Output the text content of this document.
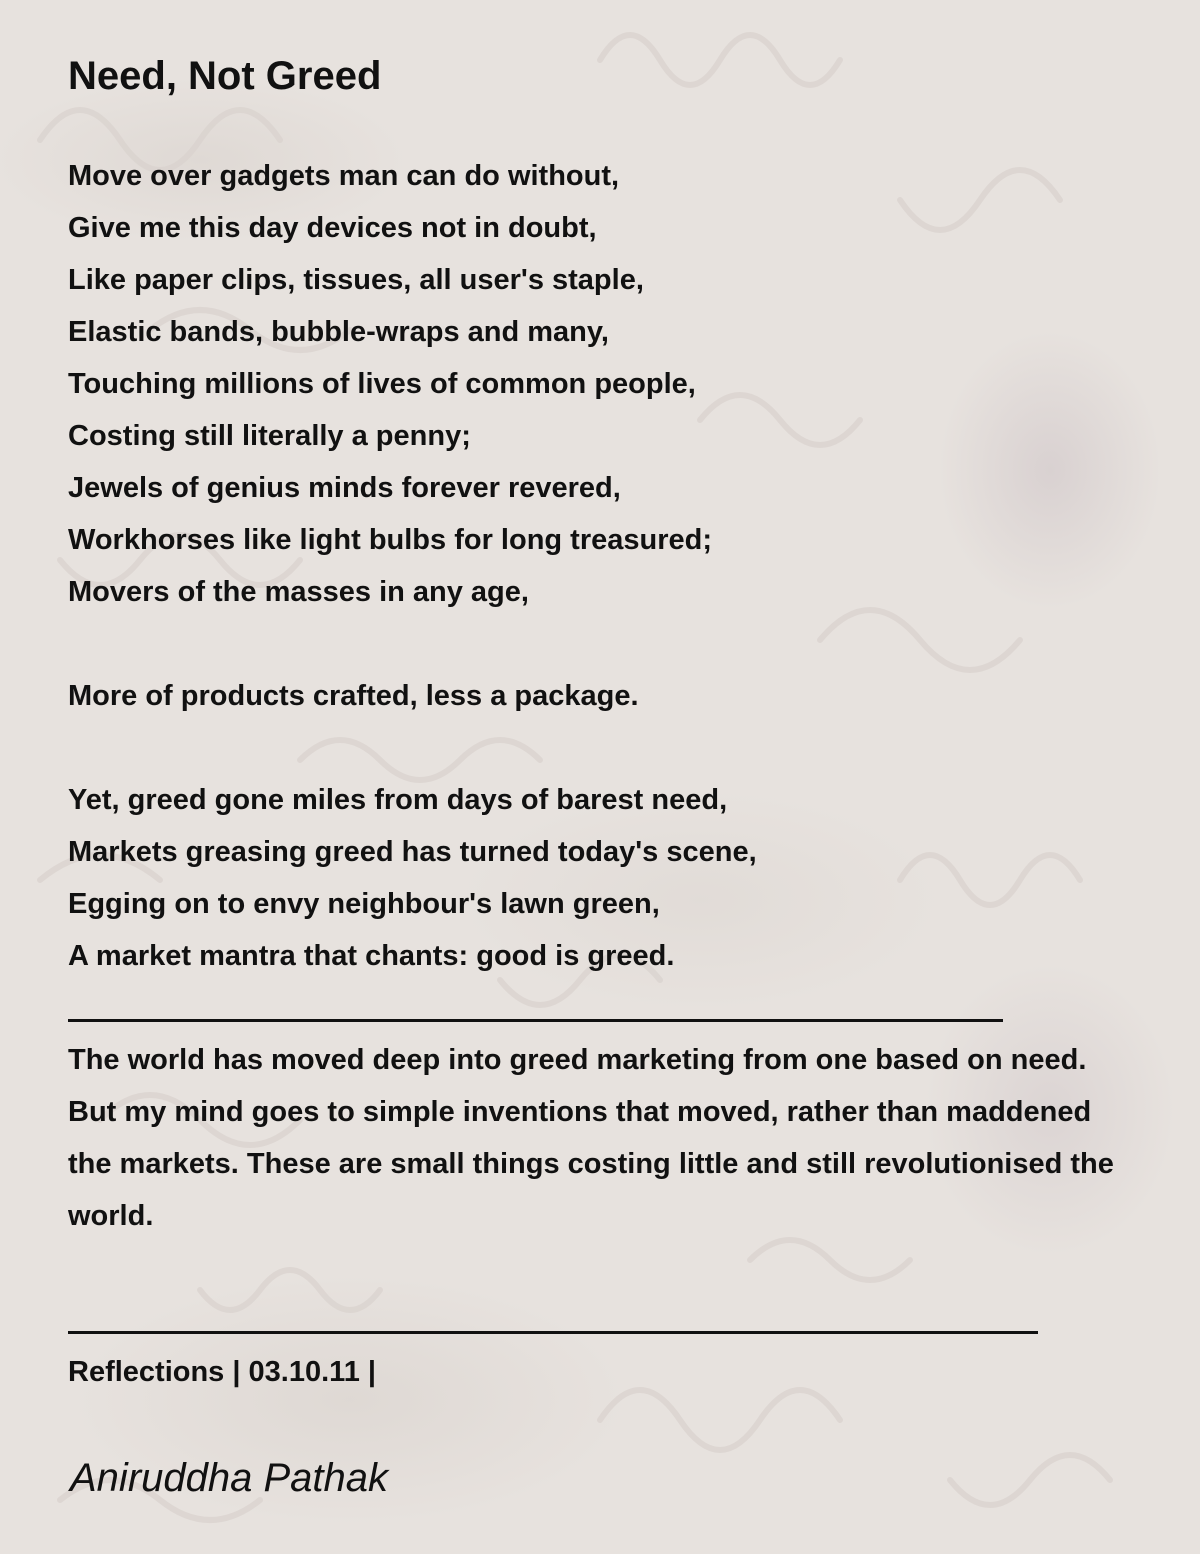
Need, Not Greed
Move over gadgets man can do without,
Give me this day devices not in doubt,
Like paper clips, tissues, all user's staple,
Elastic bands, bubble-wraps and many,
Touching millions of lives of common people,
Costing still literally a penny;
Jewels of genius minds forever revered,
Workhorses like light bulbs for long treasured;
Movers of the masses in any age,
More of products crafted, less a package.
Yet, greed gone miles from days of barest need,
Markets greasing greed has turned today's scene,
Egging on to envy neighbour's lawn green,
A market mantra that chants: good is greed.
The world has moved deep into greed marketing from one based on need. But my mind goes to simple inventions that moved, rather than maddened the markets. These are small things costing little and still revolutionised the world.
Reflections | 03.10.11 |
Aniruddha Pathak
